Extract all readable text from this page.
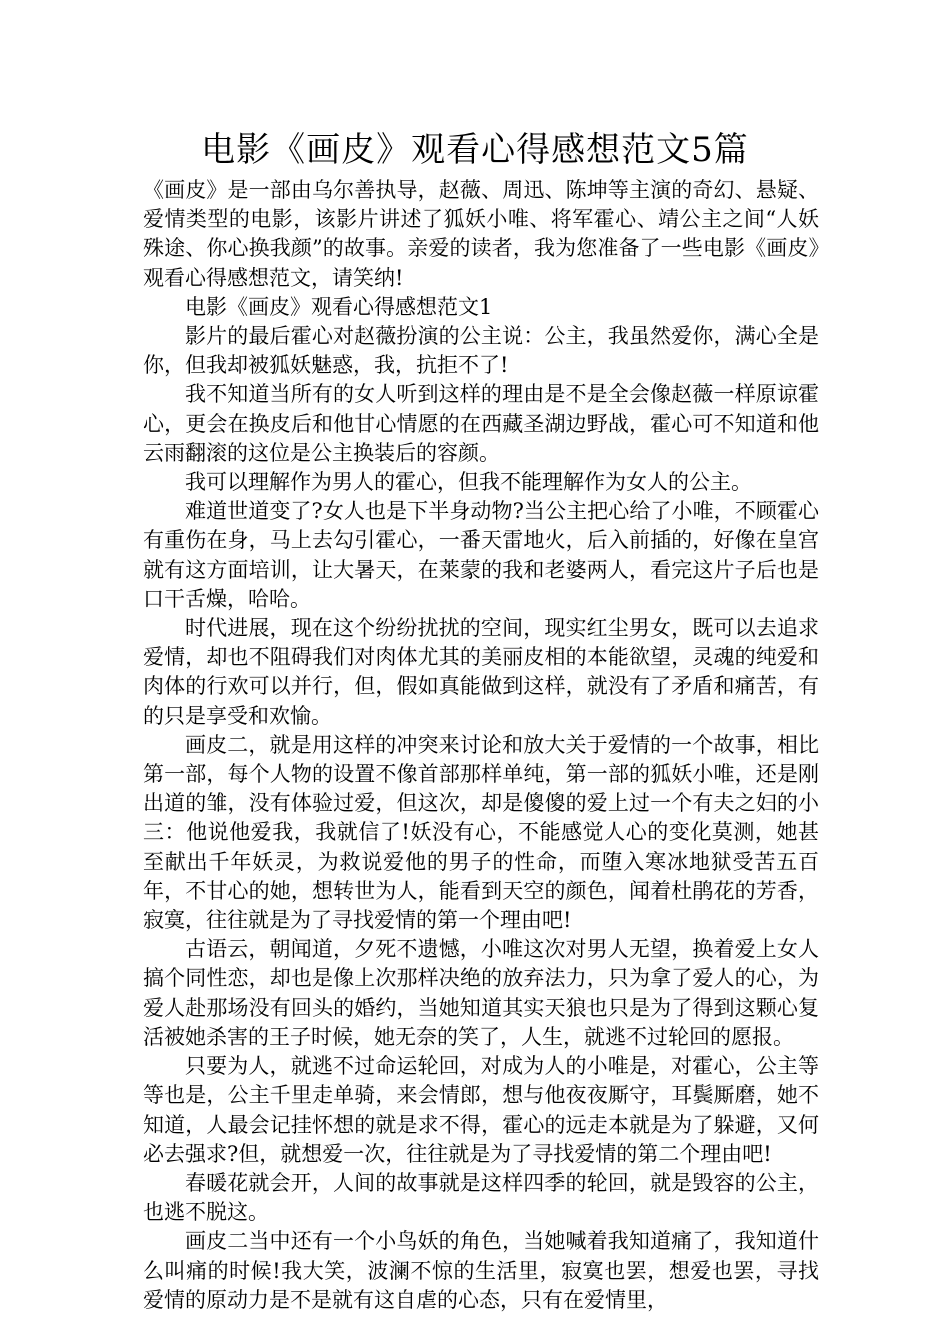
电影《画皮》观看心得感想范文5篇

《画皮》是一部由乌尔善执导，赵薇、周迅、陈坤等主演的奇幻、悬疑、爱情类型的电影，该影片讲述了狐妖小唯、将军霍心、靖公主之间“人妖殊途、你心换我颜”的故事。亲爱的读者，我为您准备了一些电影《画皮》观看心得感想范文，请笑纳!

电影《画皮》观看心得感想范文1

影片的最后霍心对赵薇扮演的公主说：公主，我虽然爱你，满心全是你，但我却被狐妖魅惑，我，抗拒不了!

我不知道当所有的女人听到这样的理由是不是全会像赵薇一样原谅霍心，更会在换皮后和他甘心情愿的在西藏圣湖边野战，霍心可不知道和他云雨翻滚的这位是公主换装后的容颜。

我可以理解作为男人的霍心，但我不能理解作为女人的公主。

难道世道变了?女人也是下半身动物?当公主把心给了小唯，不顾霍心有重伤在身，马上去勾引霍心，一番天雷地火，后入前插的，好像在皇宫就有这方面培训，让大暑天，在莱蒙的我和老婆两人，看完这片子后也是口干舌燥，哈哈。

时代进展，现在这个纷纷扰扰的空间，现实红尘男女，既可以去追求爱情，却也不阻碍我们对肉体尤其的美丽皮相的本能欲望，灵魂的纯爱和肉体的行欢可以并行，但，假如真能做到这样，就没有了矛盾和痛苦，有的只是享受和欢愉。

画皮二，就是用这样的冲突来讨论和放大关于爱情的一个故事，相比第一部，每个人物的设置不像首部那样单纯，第一部的狐妖小唯，还是刚出道的雏，没有体验过爱，但这次，却是傻傻的爱上过一个有夫之妇的小三：他说他爱我，我就信了!妖没有心，不能感觉人心的变化莫测，她甚至献出千年妖灵，为救说爱他的男子的性命，而堕入寒冰地狱受苦五百年，不甘心的她，想转世为人，能看到天空的颜色，闻着杜鹃花的芳香，寂寞，往往就是为了寻找爱情的第一个理由吧!

古语云，朝闻道，夕死不遗憾，小唯这次对男人无望，换着爱上女人搞个同性恋，却也是像上次那样决绝的放弃法力，只为拿了爱人的心，为爱人赴那场没有回头的婚约，当她知道其实天狼也只是为了得到这颗心复活被她杀害的王子时候，她无奈的笑了，人生，就逃不过轮回的愿报。

只要为人，就逃不过命运轮回，对成为人的小唯是，对霍心，公主等等也是，公主千里走单骑，来会情郎，想与他夜夜厮守，耳鬓厮磨，她不知道，人最会记挂怀想的就是求不得，霍心的远走本就是为了躲避，又何必去强求?但，就想爱一次，往往就是为了寻找爱情的第二个理由吧!

春暖花就会开，人间的故事就是这样四季的轮回，就是毁容的公主，也逃不脱这。

画皮二当中还有一个小鸟妖的角色，当她喊着我知道痛了，我知道什么叫痛的时候!我大笑，波澜不惊的生活里，寂寞也罢，想爱也罢，寻找爱情的原动力是不是就有这自虐的心态，只有在爱情里，
